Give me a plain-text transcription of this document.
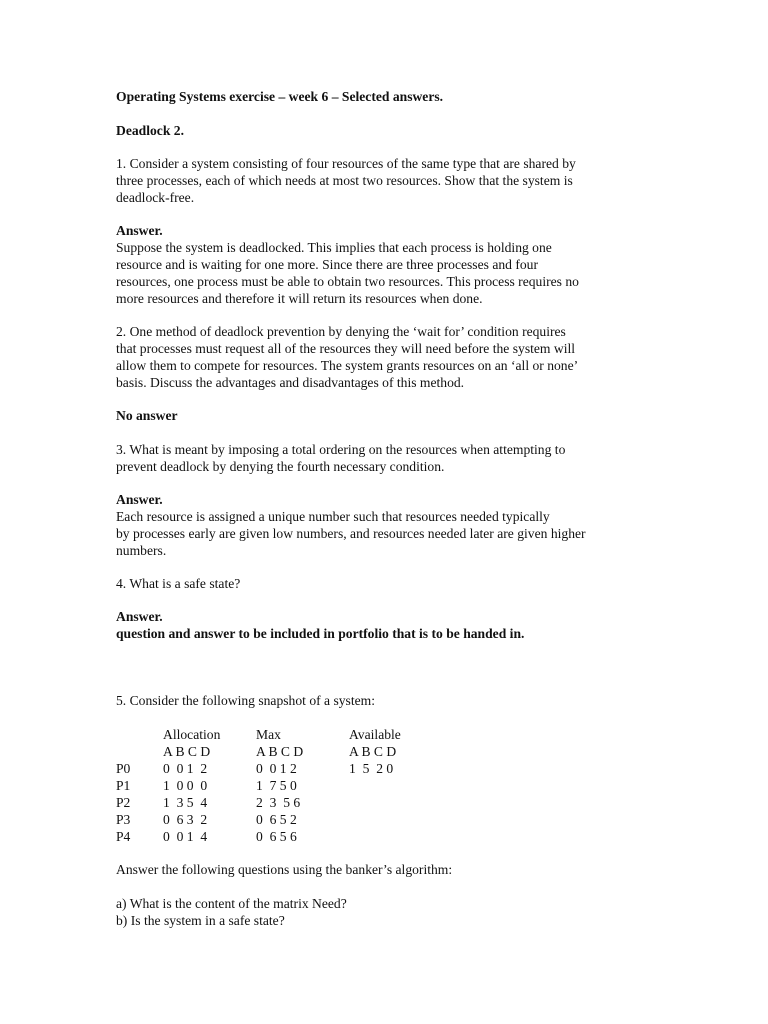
Operating Systems exercise – week 6 – Selected answers.
Deadlock 2.
1. Consider a system consisting of four resources of the same type that are shared by
three processes, each of which needs at most two resources. Show that the system is
deadlock-free.
Answer.
Suppose the system is deadlocked. This implies that each process is holding one
resource and is waiting for one more. Since there are three processes and four
resources, one process must be able to obtain two resources. This process requires no
more resources and therefore it will return its resources when done.
2. One method of deadlock prevention by denying the ‘wait for’ condition requires
that processes must request all of the resources they will need before the system will
allow them to compete for resources. The system grants resources on an ‘all or none’
basis. Discuss the advantages and disadvantages of this method.
No answer
3. What is meant by imposing a total ordering on the resources when attempting to
prevent deadlock by denying the fourth necessary condition.
Answer.
Each resource is assigned a unique number such that resources needed typically
by processes early are given low numbers, and resources needed later are given higher
numbers.
4. What is a safe state?
Answer.
question and answer to be included in portfolio that is to be handed in.
5. Consider the following snapshot of a system:
Allocation	Max	Available
A B C D	A B C D	A B C D
P0 0  0 1  2	0  0 1 2	1  5  2 0
P1 1  0 0  0	1  7 5 0
P2 1  3 5  4	2  3  5 6
P3 0  6 3  2	0  6 5 2
P4 0  0 1  4	0  6 5 6
Answer the following questions using the banker’s algorithm:
a) What is the content of the matrix Need?
b) Is the system in a safe state?
